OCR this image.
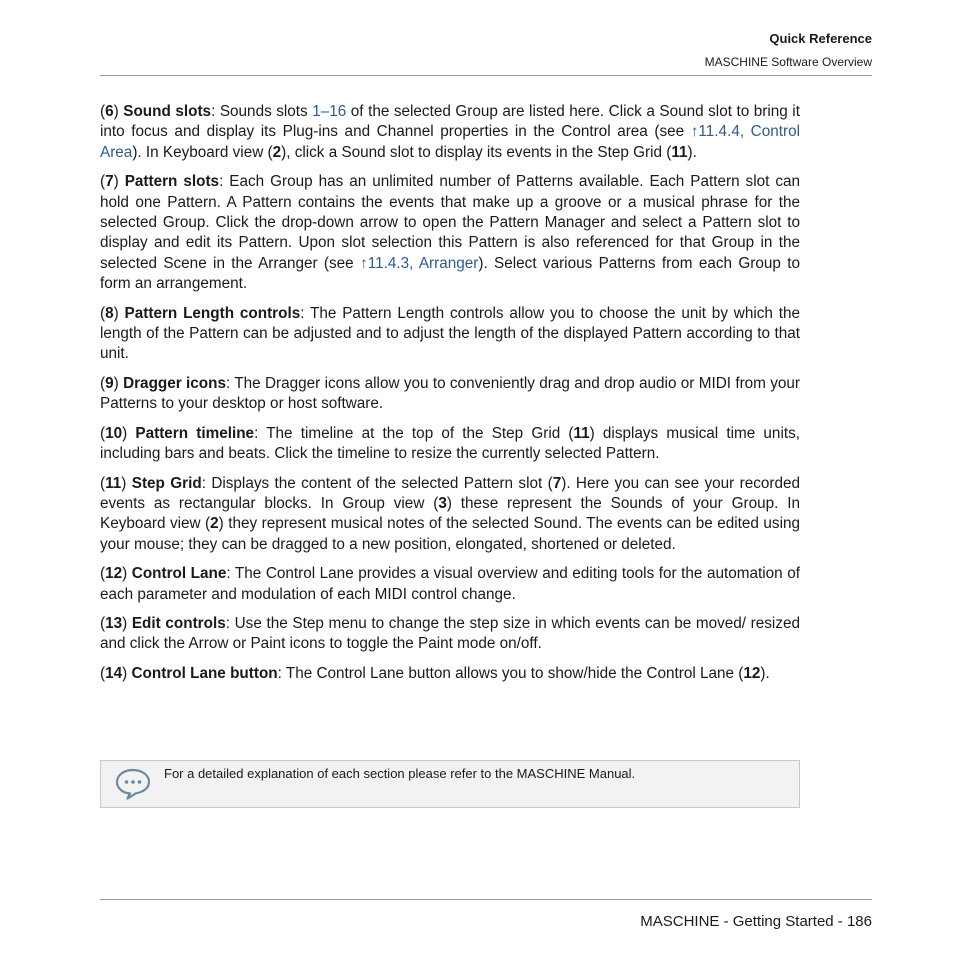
Quick Reference
MASCHINE Software Overview

(6) Sound slots: Sounds slots 1–16 of the selected Group are listed here. Click a Sound slot to bring it into focus and display its Plug-ins and Channel properties in the Control area (see ↑11.4.4, Control Area). In Keyboard view (2), click a Sound slot to display its events in the Step Grid (11).

(7) Pattern slots: Each Group has an unlimited number of Patterns available. Each Pattern slot can hold one Pattern. A Pattern contains the events that make up a groove or a musical phrase for the selected Group. Click the drop-down arrow to open the Pattern Manager and select a Pattern slot to display and edit its Pattern. Upon slot selection this Pattern is also referenced for that Group in the selected Scene in the Arranger (see ↑11.4.3, Arranger). Select various Patterns from each Group to form an arrangement.

(8) Pattern Length controls: The Pattern Length controls allow you to choose the unit by which the length of the Pattern can be adjusted and to adjust the length of the displayed Pattern according to that unit.

(9) Dragger icons: The Dragger icons allow you to conveniently drag and drop audio or MIDI from your Patterns to your desktop or host software.

(10) Pattern timeline: The timeline at the top of the Step Grid (11) displays musical time units, including bars and beats. Click the timeline to resize the currently selected Pattern.

(11) Step Grid: Displays the content of the selected Pattern slot (7). Here you can see your recorded events as rectangular blocks. In Group view (3) these represent the Sounds of your Group. In Keyboard view (2) they represent musical notes of the selected Sound. The events can be edited using your mouse; they can be dragged to a new position, elongated, shortened or deleted.

(12) Control Lane: The Control Lane provides a visual overview and editing tools for the automation of each parameter and modulation of each MIDI control change.

(13) Edit controls: Use the Step menu to change the step size in which events can be moved/ resized and click the Arrow or Paint icons to toggle the Paint mode on/off.

(14) Control Lane button: The Control Lane button allows you to show/hide the Control Lane (12).

For a detailed explanation of each section please refer to the MASCHINE Manual.
MASCHINE - Getting Started - 186
